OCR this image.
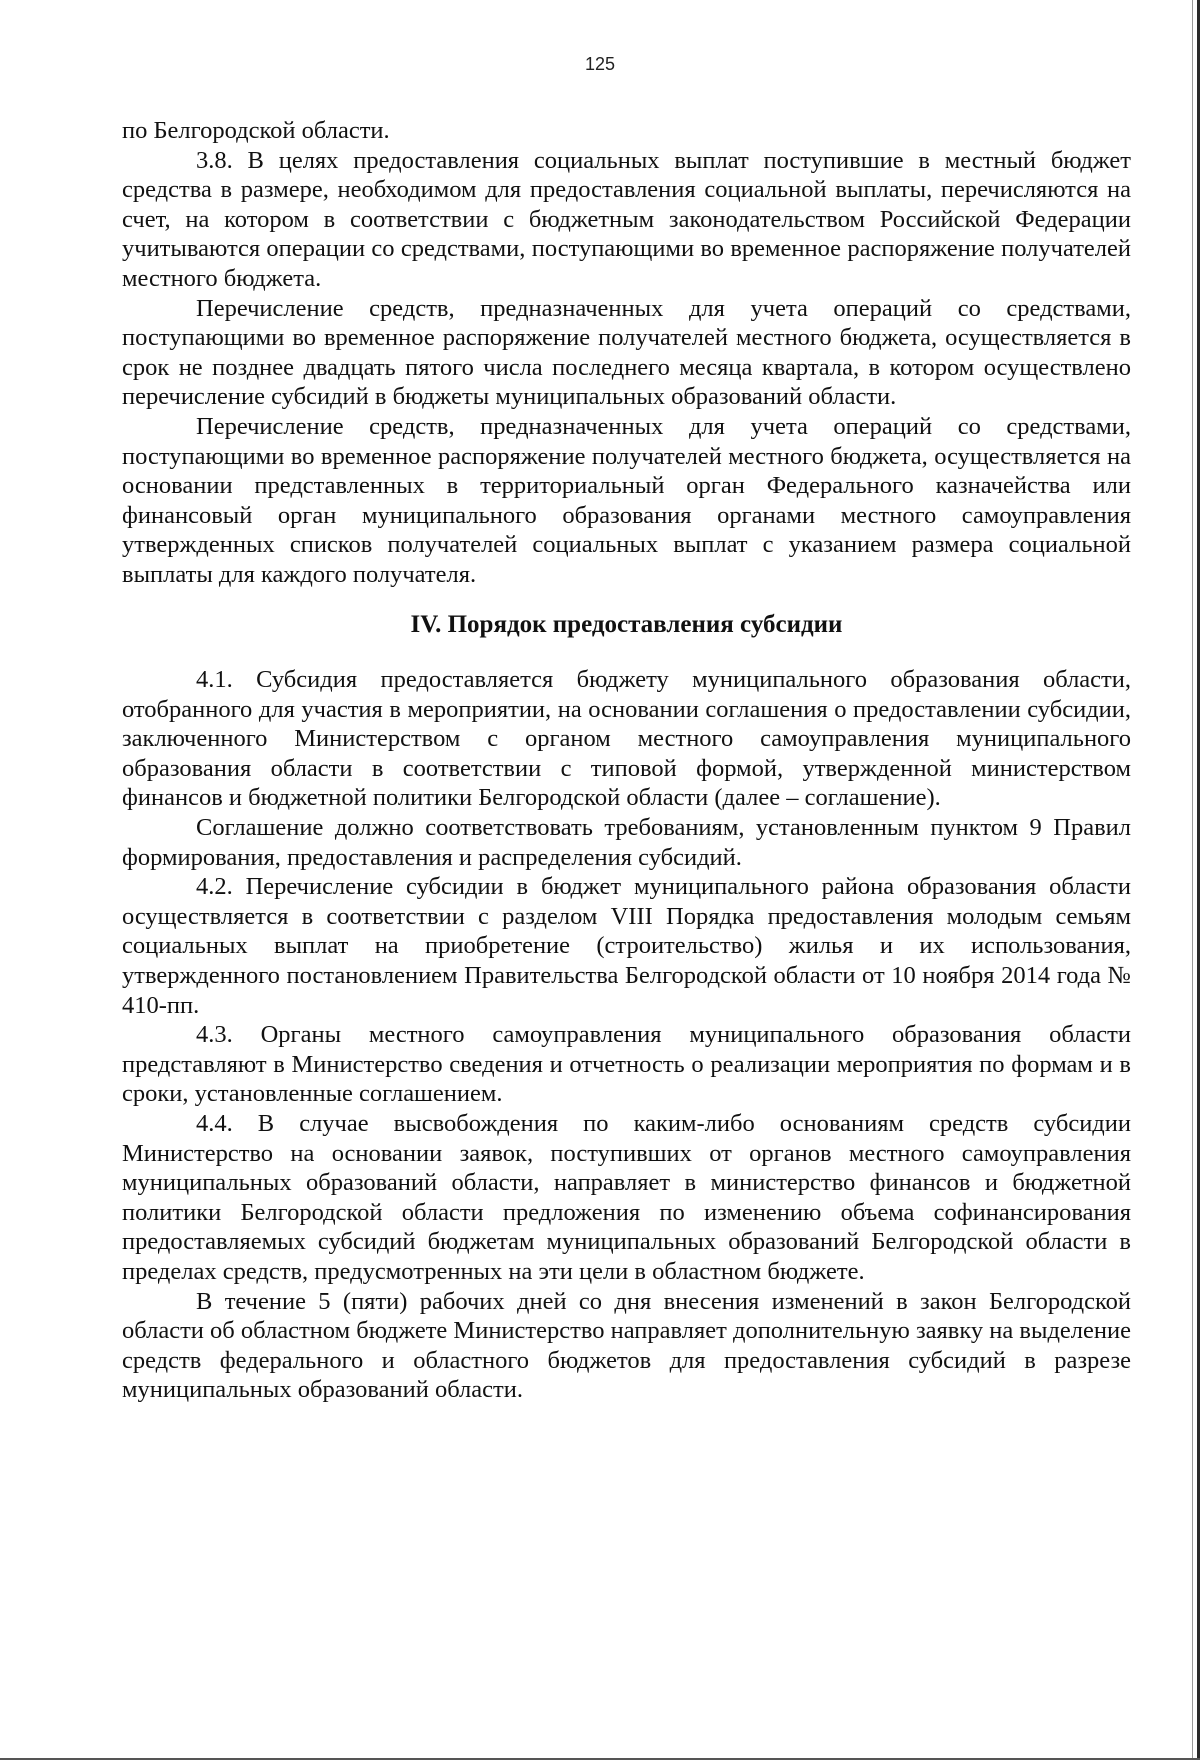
125

по Белгородской области.

3.8. В целях предоставления социальных выплат поступившие в местный бюджет средства в размере, необходимом для предоставления социальной выплаты, перечисляются на счет, на котором в соответствии с бюджетным законодательством Российской Федерации учитываются операции со средствами, поступающими во временное распоряжение получателей местного бюджета.

Перечисление средств, предназначенных для учета операций со средствами, поступающими во временное распоряжение получателей местного бюджета, осуществляется в срок не позднее двадцать пятого числа последнего месяца квартала, в котором осуществлено перечисление субсидий в бюджеты муниципальных образований области.

Перечисление средств, предназначенных для учета операций со средствами, поступающими во временное распоряжение получателей местного бюджета, осуществляется на основании представленных в территориальный орган Федерального казначейства или финансовый орган муниципального образования органами местного самоуправления утвержденных списков получателей социальных выплат с указанием размера социальной выплаты для каждого получателя.

IV. Порядок предоставления субсидии

4.1. Субсидия предоставляется бюджету муниципального образования области, отобранного для участия в мероприятии, на основании соглашения о предоставлении субсидии, заключенного Министерством с органом местного самоуправления муниципального образования области в соответствии с типовой формой, утвержденной министерством финансов и бюджетной политики Белгородской области (далее – соглашение).

Соглашение должно соответствовать требованиям, установленным пунктом 9 Правил формирования, предоставления и распределения субсидий.

4.2. Перечисление субсидии в бюджет муниципального района образования области осуществляется в соответствии с разделом VIII Порядка предоставления молодым семьям социальных выплат на приобретение (строительство) жилья и их использования, утвержденного постановлением Правительства Белгородской области от 10 ноября 2014 года № 410-пп.

4.3. Органы местного самоуправления муниципального образования области представляют в Министерство сведения и отчетность о реализации мероприятия по формам и в сроки, установленные соглашением.

4.4. В случае высвобождения по каким-либо основаниям средств субсидии Министерство на основании заявок, поступивших от органов местного самоуправления муниципальных образований области, направляет в министерство финансов и бюджетной политики Белгородской области предложения по изменению объема софинансирования предоставляемых субсидий бюджетам муниципальных образований Белгородской области в пределах средств, предусмотренных на эти цели в областном бюджете.

В течение 5 (пяти) рабочих дней со дня внесения изменений в закон Белгородской области об областном бюджете Министерство направляет дополнительную заявку на выделение средств федерального и областного бюджетов для предоставления субсидий в разрезе муниципальных образований области.
